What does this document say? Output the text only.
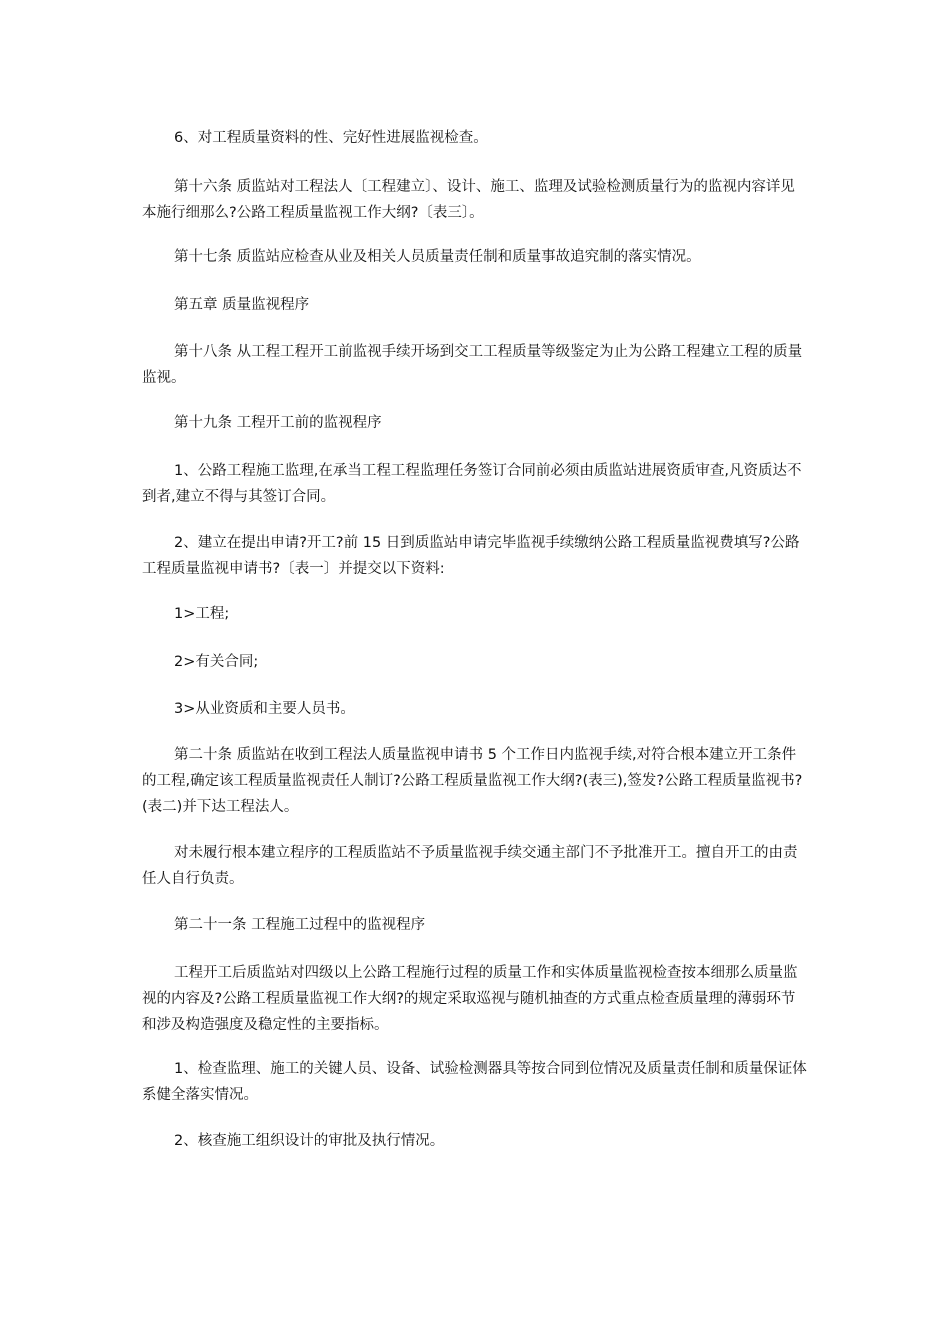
6、对工程质量资料的性、完好性进展监视检查。

第十六条 质监站对工程法人〔工程建立〕、设计、施工、监理及试验检测质量行为的监视内容详见本施行细那么?公路工程质量监视工作大纲?〔表三〕。

第十七条 质监站应检查从业及相关人员质量责任制和质量事故追究制的落实情况。

第五章 质量监视程序

第十八条 从工程工程开工前监视手续开场到交工工程质量等级鉴定为止为公路工程建立工程的质量监视。

第十九条 工程开工前的监视程序

1、公路工程施工监理,在承当工程工程监理任务签订合同前必须由质监站进展资质审查,凡资质达不到者,建立不得与其签订合同。

2、建立在提出申请?开工?前 15 日到质监站申请完毕监视手续缴纳公路工程质量监视费填写?公路工程质量监视申请书?〔表一〕并提交以下资料:

1>工程;

2>有关合同;

3>从业资质和主要人员书。

第二十条 质监站在收到工程法人质量监视申请书 5 个工作日内监视手续,对符合根本建立开工条件的工程,确定该工程质量监视责任人制订?公路工程质量监视工作大纲?(表三),签发?公路工程质量监视书?(表二)并下达工程法人。

对未履行根本建立程序的工程质监站不予质量监视手续交通主部门不予批准开工。擅自开工的由责任人自行负责。

第二十一条 工程施工过程中的监视程序

工程开工后质监站对四级以上公路工程施行过程的质量工作和实体质量监视检查按本细那么质量监视的内容及?公路工程质量监视工作大纲?的规定采取巡视与随机抽查的方式重点检查质量理的薄弱环节和涉及构造强度及稳定性的主要指标。

1、检查监理、施工的关键人员、设备、试验检测器具等按合同到位情况及质量责任制和质量保证体系健全落实情况。

2、核查施工组织设计的审批及执行情况。
